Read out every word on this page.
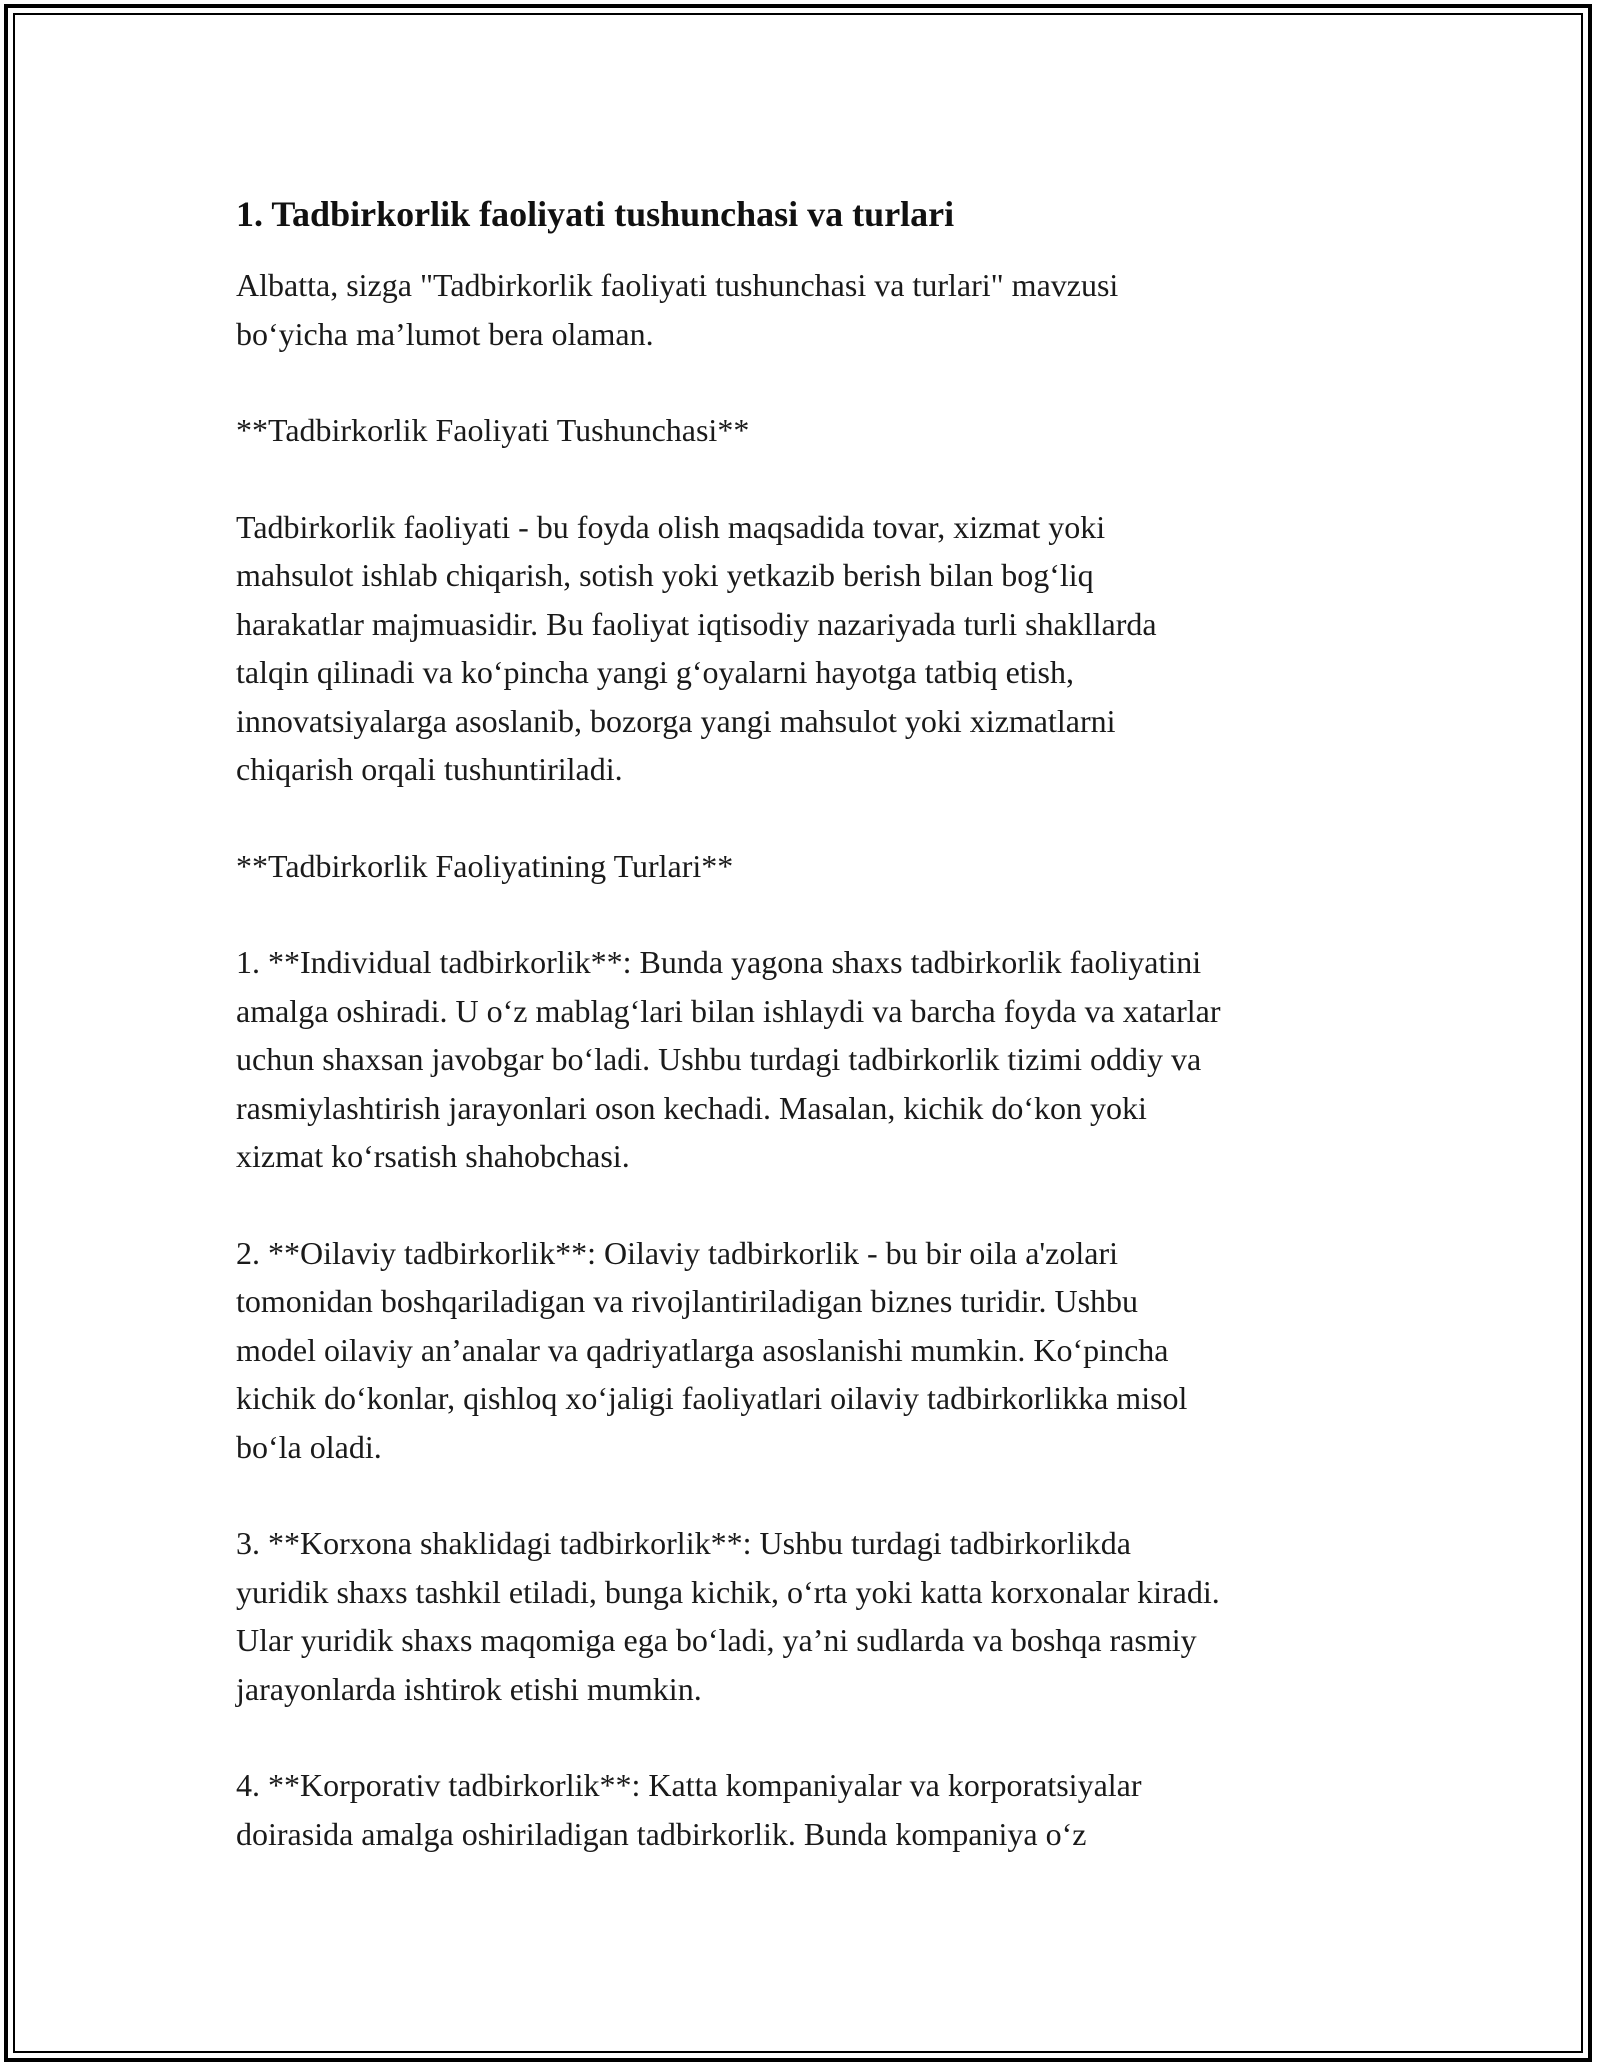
1. Tadbirkorlik faoliyati tushunchasi va turlari

Albatta, sizga "Tadbirkorlik faoliyati tushunchasi va turlari" mavzusi
bo‘yicha ma’lumot bera olaman.

**Tadbirkorlik Faoliyati Tushunchasi**

Tadbirkorlik faoliyati - bu foyda olish maqsadida tovar, xizmat yoki
mahsulot ishlab chiqarish, sotish yoki yetkazib berish bilan bog‘liq
harakatlar majmuasidir. Bu faoliyat iqtisodiy nazariyada turli shakllarda
talqin qilinadi va ko‘pincha yangi g‘oyalarni hayotga tatbiq etish,
innovatsiyalarga asoslanib, bozorga yangi mahsulot yoki xizmatlarni
chiqarish orqali tushuntiriladi.

**Tadbirkorlik Faoliyatining Turlari**

1. **Individual tadbirkorlik**: Bunda yagona shaxs tadbirkorlik faoliyatini
amalga oshiradi. U o‘z mablag‘lari bilan ishlaydi va barcha foyda va xatarlar
uchun shaxsan javobgar bo‘ladi. Ushbu turdagi tadbirkorlik tizimi oddiy va
rasmiylashtirish jarayonlari oson kechadi. Masalan, kichik do‘kon yoki
xizmat ko‘rsatish shahobchasi.

2. **Oilaviy tadbirkorlik**: Oilaviy tadbirkorlik - bu bir oila a'zolari
tomonidan boshqariladigan va rivojlantiriladigan biznes turidir. Ushbu
model oilaviy an’analar va qadriyatlarga asoslanishi mumkin. Ko‘pincha
kichik do‘konlar, qishloq xo‘jaligi faoliyatlari oilaviy tadbirkorlikka misol
bo‘la oladi.

3. **Korxona shaklidagi tadbirkorlik**: Ushbu turdagi tadbirkorlikda
yuridik shaxs tashkil etiladi, bunga kichik, o‘rta yoki katta korxonalar kiradi.
Ular yuridik shaxs maqomiga ega bo‘ladi, ya’ni sudlarda va boshqa rasmiy
jarayonlarda ishtirok etishi mumkin.

4. **Korporativ tadbirkorlik**: Katta kompaniyalar va korporatsiyalar
doirasida amalga oshiriladigan tadbirkorlik. Bunda kompaniya o‘z
